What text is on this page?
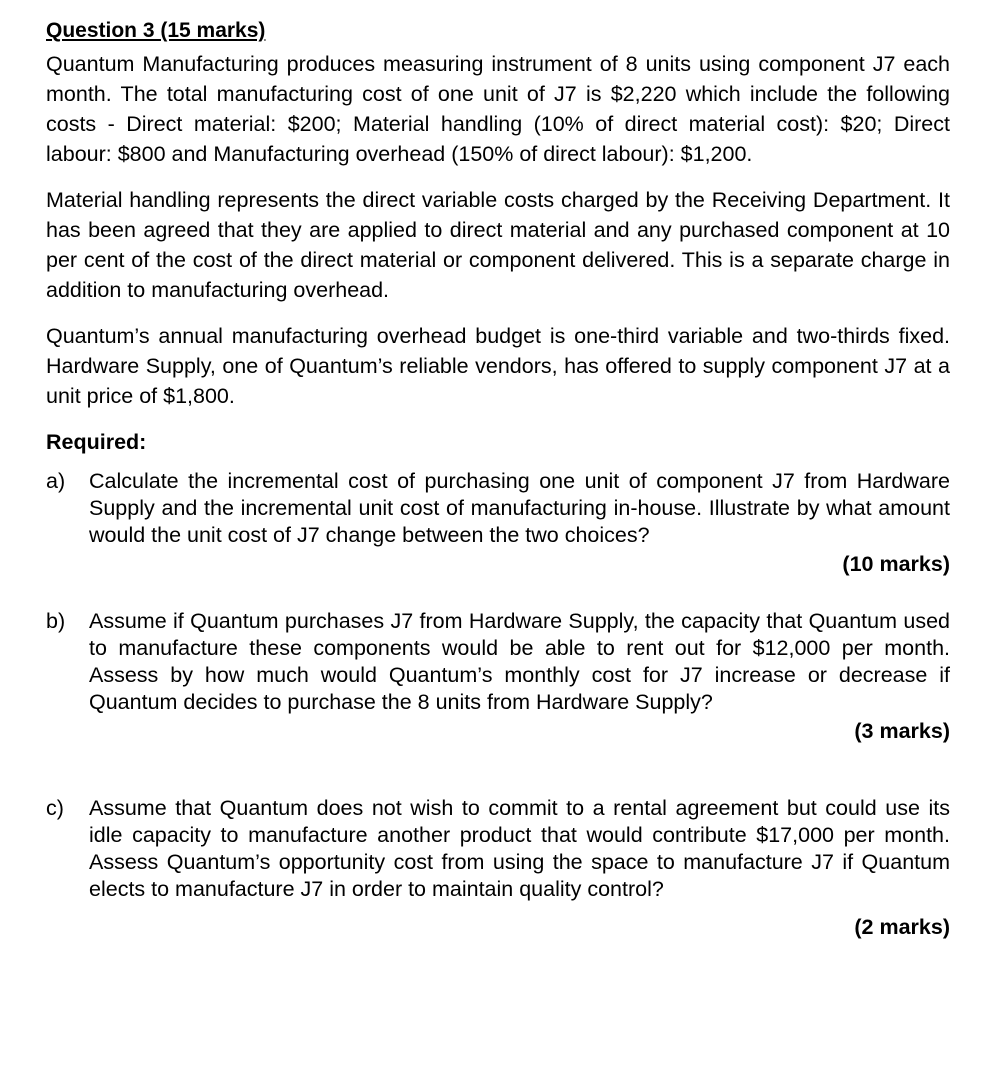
Question 3 (15 marks)

Quantum Manufacturing produces measuring instrument of 8 units using component J7 each month. The total manufacturing cost of one unit of J7 is $2,220 which include the following costs - Direct material: $200; Material handling (10% of direct material cost): $20; Direct labour: $800 and Manufacturing overhead (150% of direct labour): $1,200.

Material handling represents the direct variable costs charged by the Receiving Department. It has been agreed that they are applied to direct material and any purchased component at 10 per cent of the cost of the direct material or component delivered. This is a separate charge in addition to manufacturing overhead.

Quantum’s annual manufacturing overhead budget is one-third variable and two-thirds fixed. Hardware Supply, one of Quantum’s reliable vendors, has offered to supply component J7 at a unit price of $1,800.

Required:

a) Calculate the incremental cost of purchasing one unit of component J7 from Hardware Supply and the incremental unit cost of manufacturing in-house. Illustrate by what amount would the unit cost of J7 change between the two choices?

(10 marks)

b) Assume if Quantum purchases J7 from Hardware Supply, the capacity that Quantum used to manufacture these components would be able to rent out for $12,000 per month. Assess by how much would Quantum’s monthly cost for J7 increase or decrease if Quantum decides to purchase the 8 units from Hardware Supply?

(3 marks)

c) Assume that Quantum does not wish to commit to a rental agreement but could use its idle capacity to manufacture another product that would contribute $17,000 per month. Assess Quantum’s opportunity cost from using the space to manufacture J7 if Quantum elects to manufacture J7 in order to maintain quality control?

(2 marks)
